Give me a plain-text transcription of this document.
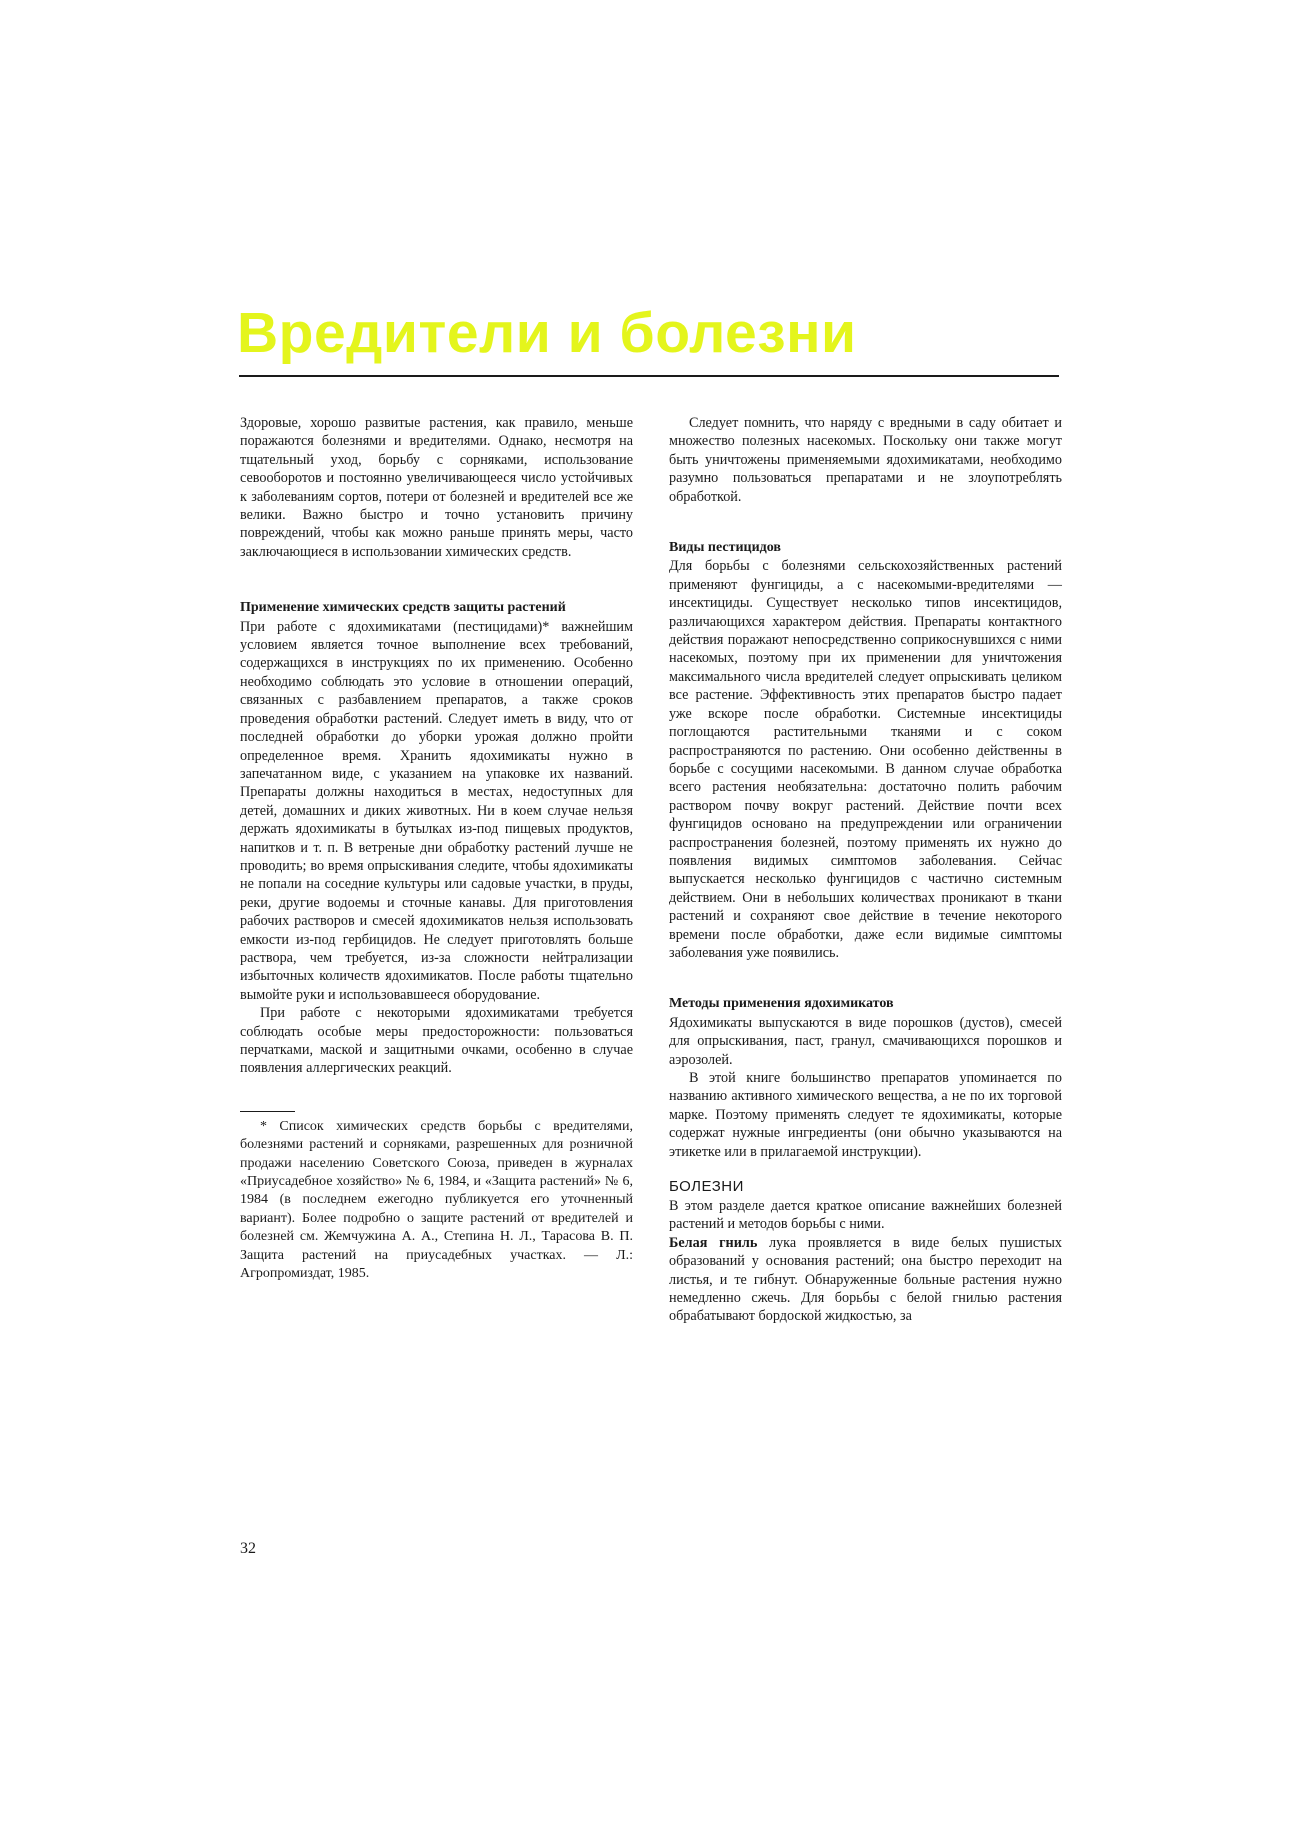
Вредители и болезни

Здоровые, хорошо развитые растения, как правило, меньше поражаются болезнями и вредителями. Однако, несмотря на тщательный уход, борьбу с сорняками, использование севооборотов и постоянно увеличивающееся число устойчивых к заболеваниям сортов, потери от болезней и вредителей все же велики. Важно быстро и точно установить причину повреждений, чтобы как можно раньше принять меры, часто заключающиеся в использовании химических средств.

Применение химических средств защиты растений

При работе с ядохимикатами (пестицидами)* важнейшим условием является точное выполнение всех требований, содержащихся в инструкциях по их применению. Особенно необходимо соблюдать это условие в отношении операций, связанных с разбавлением препаратов, а также сроков проведения обработки растений. Следует иметь в виду, что от последней обработки до уборки урожая должно пройти определенное время. Хранить ядохимикаты нужно в запечатанном виде, с указанием на упаковке их названий. Препараты должны находиться в местах, недоступных для детей, домашних и диких животных. Ни в коем случае нельзя держать ядохимикаты в бутылках из-под пищевых продуктов, напитков и т. п. В ветреные дни обработку растений лучше не проводить; во время опрыскивания следите, чтобы ядохимикаты не попали на соседние культуры или садовые участки, в пруды, реки, другие водоемы и сточные канавы. Для приготовления рабочих растворов и смесей ядохимикатов нельзя использовать емкости из-под гербицидов. Не следует приготовлять больше раствора, чем требуется, из-за сложности нейтрализации избыточных количеств ядохимикатов. После работы тщательно вымойте руки и использовавшееся оборудование.

При работе с некоторыми ядохимикатами требуется соблюдать особые меры предосторожности: пользоваться перчатками, маской и защитными очками, особенно в случае появления аллергических реакций.

* Список химических средств борьбы с вредителями, болезнями растений и сорняками, разрешенных для розничной продажи населению Советского Союза, приведен в журналах «Приусадебное хозяйство» № 6, 1984, и «Защита растений» № 6, 1984 (в последнем ежегодно публикуется его уточненный вариант). Более подробно о защите растений от вредителей и болезней см. Жемчужина А. А., Степина Н. Л., Тарасова В. П. Защита растений на приусадебных участках. — Л.: Агропромиздат, 1985.

Следует помнить, что наряду с вредными в саду обитает и множество полезных насекомых. Поскольку они также могут быть уничтожены применяемыми ядохимикатами, необходимо разумно пользоваться препаратами и не злоупотреблять обработкой.

Виды пестицидов

Для борьбы с болезнями сельскохозяйственных растений применяют фунгициды, а с насекомыми-вредителями — инсектициды. Существует несколько типов инсектицидов, различающихся характером действия. Препараты контактного действия поражают непосредственно соприкоснувшихся с ними насекомых, поэтому при их применении для уничтожения максимального числа вредителей следует опрыскивать целиком все растение. Эффективность этих препаратов быстро падает уже вскоре после обработки. Системные инсектициды поглощаются растительными тканями и с соком распространяются по растению. Они особенно действенны в борьбе с сосущими насекомыми. В данном случае обработка всего растения необязательна: достаточно полить рабочим раствором почву вокруг растений. Действие почти всех фунгицидов основано на предупреждении или ограничении распространения болезней, поэтому применять их нужно до появления видимых симптомов заболевания. Сейчас выпускается несколько фунгицидов с частично системным действием. Они в небольших количествах проникают в ткани растений и сохраняют свое действие в течение некоторого времени после обработки, даже если видимые симптомы заболевания уже появились.

Методы применения ядохимикатов

Ядохимикаты выпускаются в виде порошков (дустов), смесей для опрыскивания, паст, гранул, смачивающихся порошков и аэрозолей.

В этой книге большинство препаратов упоминается по названию активного химического вещества, а не по их торговой марке. Поэтому применять следует те ядохимикаты, которые содержат нужные ингредиенты (они обычно указываются на этикетке или в прилагаемой инструкции).

БОЛЕЗНИ

В этом разделе дается краткое описание важнейших болезней растений и методов борьбы с ними.

Белая гниль лука проявляется в виде белых пушистых образований у основания растений; она быстро переходит на листья, и те гибнут. Обнаруженные больные растения нужно немедленно сжечь. Для борьбы с белой гнилью растения обрабатывают бордоской жидкостью, за

32
